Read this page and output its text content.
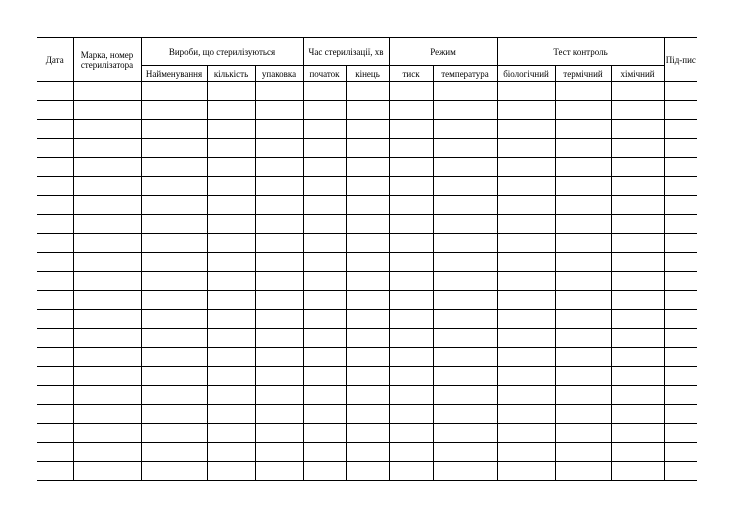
Дата	Марка, номер стерилізатора	Вироби, що стерилізуються			Час стерилізації, хв		Режим		Тест контроль			Під-пис
		Найменування	кількість	упаковка	початок	кінець	тиск	температура	біологічний	термічний	хімічний	
